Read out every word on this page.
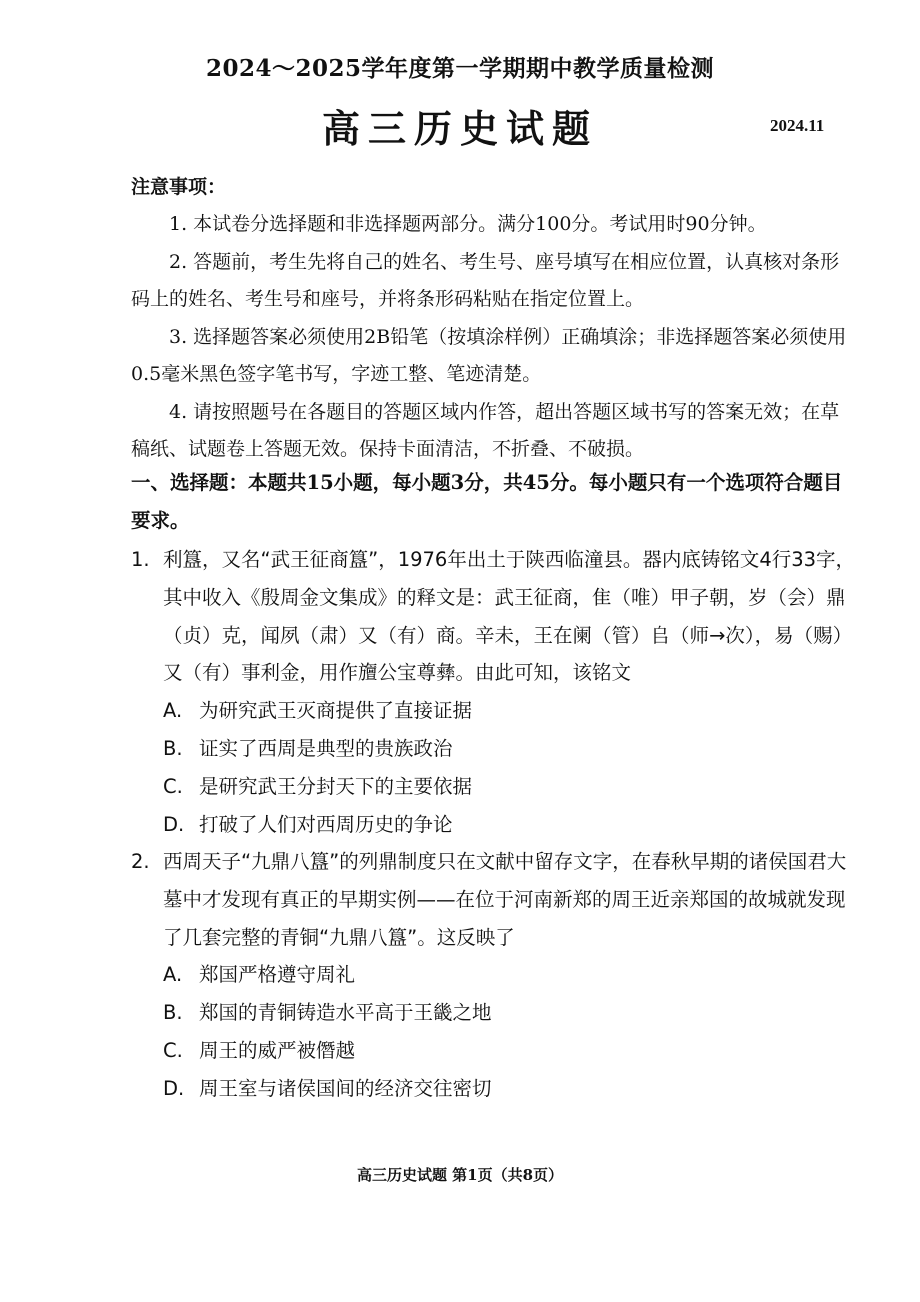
2024～2025学年度第一学期期中教学质量检测
高三历史试题	2024.11
注意事项：

1. 本试卷分选择题和非选择题两部分。满分100分。考试用时90分钟。

2. 答题前，考生先将自己的姓名、考生号、座号填写在相应位置，认真核对条形码上的姓名、考生号和座号，并将条形码粘贴在指定位置上。

3. 选择题答案必须使用2B铅笔（按填涂样例）正确填涂；非选择题答案必须使用0.5毫米黑色签字笔书写，字迹工整、笔迹清楚。

4. 请按照题号在各题目的答题区域内作答，超出答题区域书写的答案无效；在草稿纸、试题卷上答题无效。保持卡面清洁，不折叠、不破损。

一、选择题：本题共15小题，每小题3分，共45分。每小题只有一个选项符合题目要求。
1. 利簋，又名“武王征商簋”，1976年出土于陕西临潼县。器内底铸铭文4行33字，其中收入《殷周金文集成》的释文是：武王征商，隹（唯）甲子朝，岁（会）鼎（贞）克，闻夙（肃）又（有）商。辛未，王在阑（管）𠂤（师→次），易（赐）又（有）事利金，用作旜公宝尊彝。由此可知，该铭文
A. 为研究武王灭商提供了直接证据
B. 证实了西周是典型的贵族政治
C. 是研究武王分封天下的主要依据
D. 打破了人们对西周历史的争论
2. 西周天子“九鼎八簋”的列鼎制度只在文献中留存文字，在春秋早期的诸侯国君大墓中才发现有真正的早期实例——在位于河南新郑的周王近亲郑国的故城就发现了几套完整的青铜“九鼎八簋”。这反映了
A. 郑国严格遵守周礼
B. 郑国的青铜铸造水平高于王畿之地
C. 周王的威严被僭越
D. 周王室与诸侯国间的经济交往密切
高三历史试题 第1页（共8页）
